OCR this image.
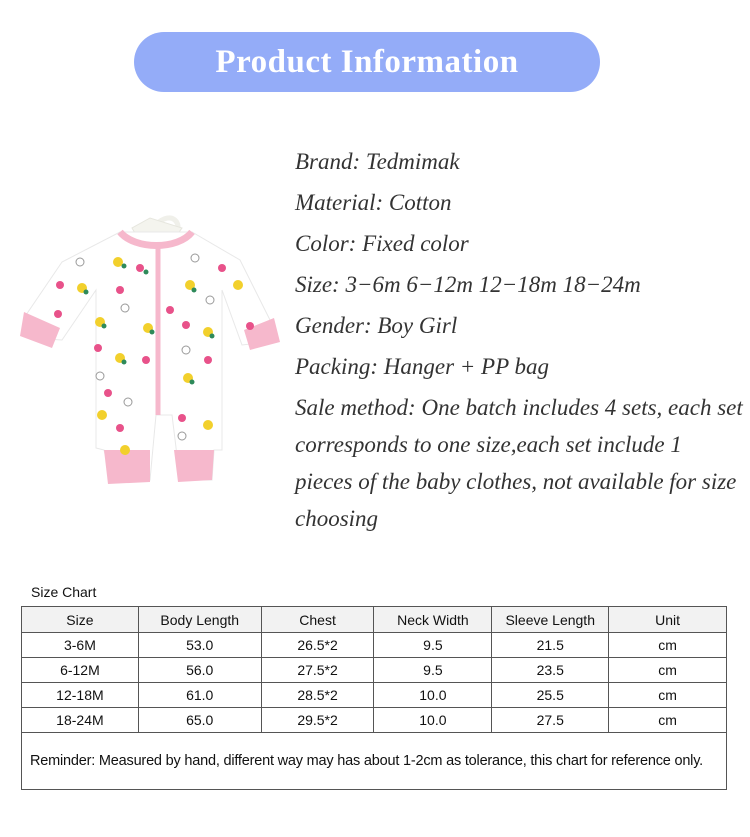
Product Information
Brand: Tedmimak
Material: Cotton
Color: Fixed color
Size: 3−6m 6−12m 12−18m 18−24m
Gender: Boy Girl
Packing: Hanger + PP bag
Sale method: One batch includes 4 sets, each set corresponds to one size,each set include 1 pieces of the baby clothes, not available for size choosing
Size Chart
Size	Body Length	Chest	Neck Width	Sleeve Length	Unit
3-6M	53.0	26.5*2	9.5	21.5	cm
6-12M	56.0	27.5*2	9.5	23.5	cm
12-18M	61.0	28.5*2	10.0	25.5	cm
18-24M	65.0	29.5*2	10.0	27.5	cm
Reminder: Measured by hand, different way may has about 1-2cm as tolerance, this chart for reference only.					
